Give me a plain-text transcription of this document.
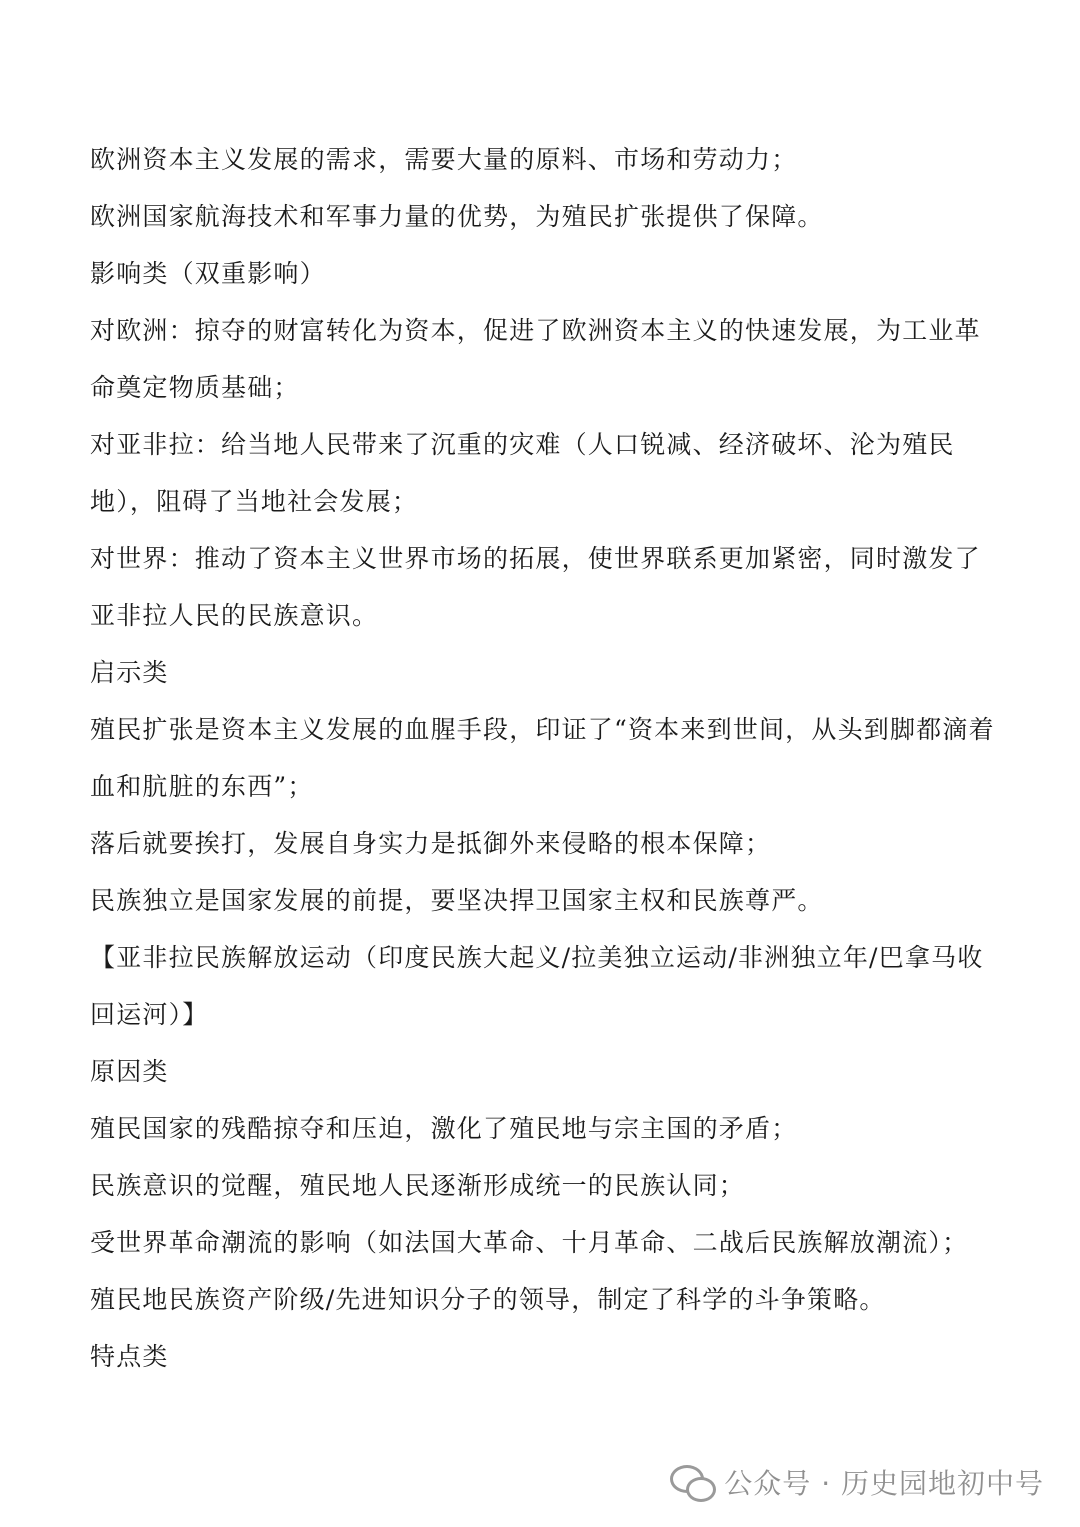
欧洲资本主义发展的需求，需要大量的原料、市场和劳动力；

欧洲国家航海技术和军事力量的优势，为殖民扩张提供了保障。

影响类（双重影响）

对欧洲：掠夺的财富转化为资本，促进了欧洲资本主义的快速发展，为工业革命奠定物质基础；

对亚非拉：给当地人民带来了沉重的灾难（人口锐减、经济破坏、沦为殖民地），阻碍了当地社会发展；

对世界：推动了资本主义世界市场的拓展，使世界联系更加紧密，同时激发了亚非拉人民的民族意识。

启示类

殖民扩张是资本主义发展的血腥手段，印证了“资本来到世间，从头到脚都滴着血和肮脏的东西”；

落后就要挨打，发展自身实力是抵御外来侵略的根本保障；

民族独立是国家发展的前提，要坚决捍卫国家主权和民族尊严。

【亚非拉民族解放运动（印度民族大起义/拉美独立运动/非洲独立年/巴拿马收回运河）】

原因类

殖民国家的残酷掠夺和压迫，激化了殖民地与宗主国的矛盾；

民族意识的觉醒，殖民地人民逐渐形成统一的民族认同；

受世界革命潮流的影响（如法国大革命、十月革命、二战后民族解放潮流）；

殖民地民族资产阶级/先进知识分子的领导，制定了科学的斗争策略。

特点类

公众号 · 历史园地初中号
